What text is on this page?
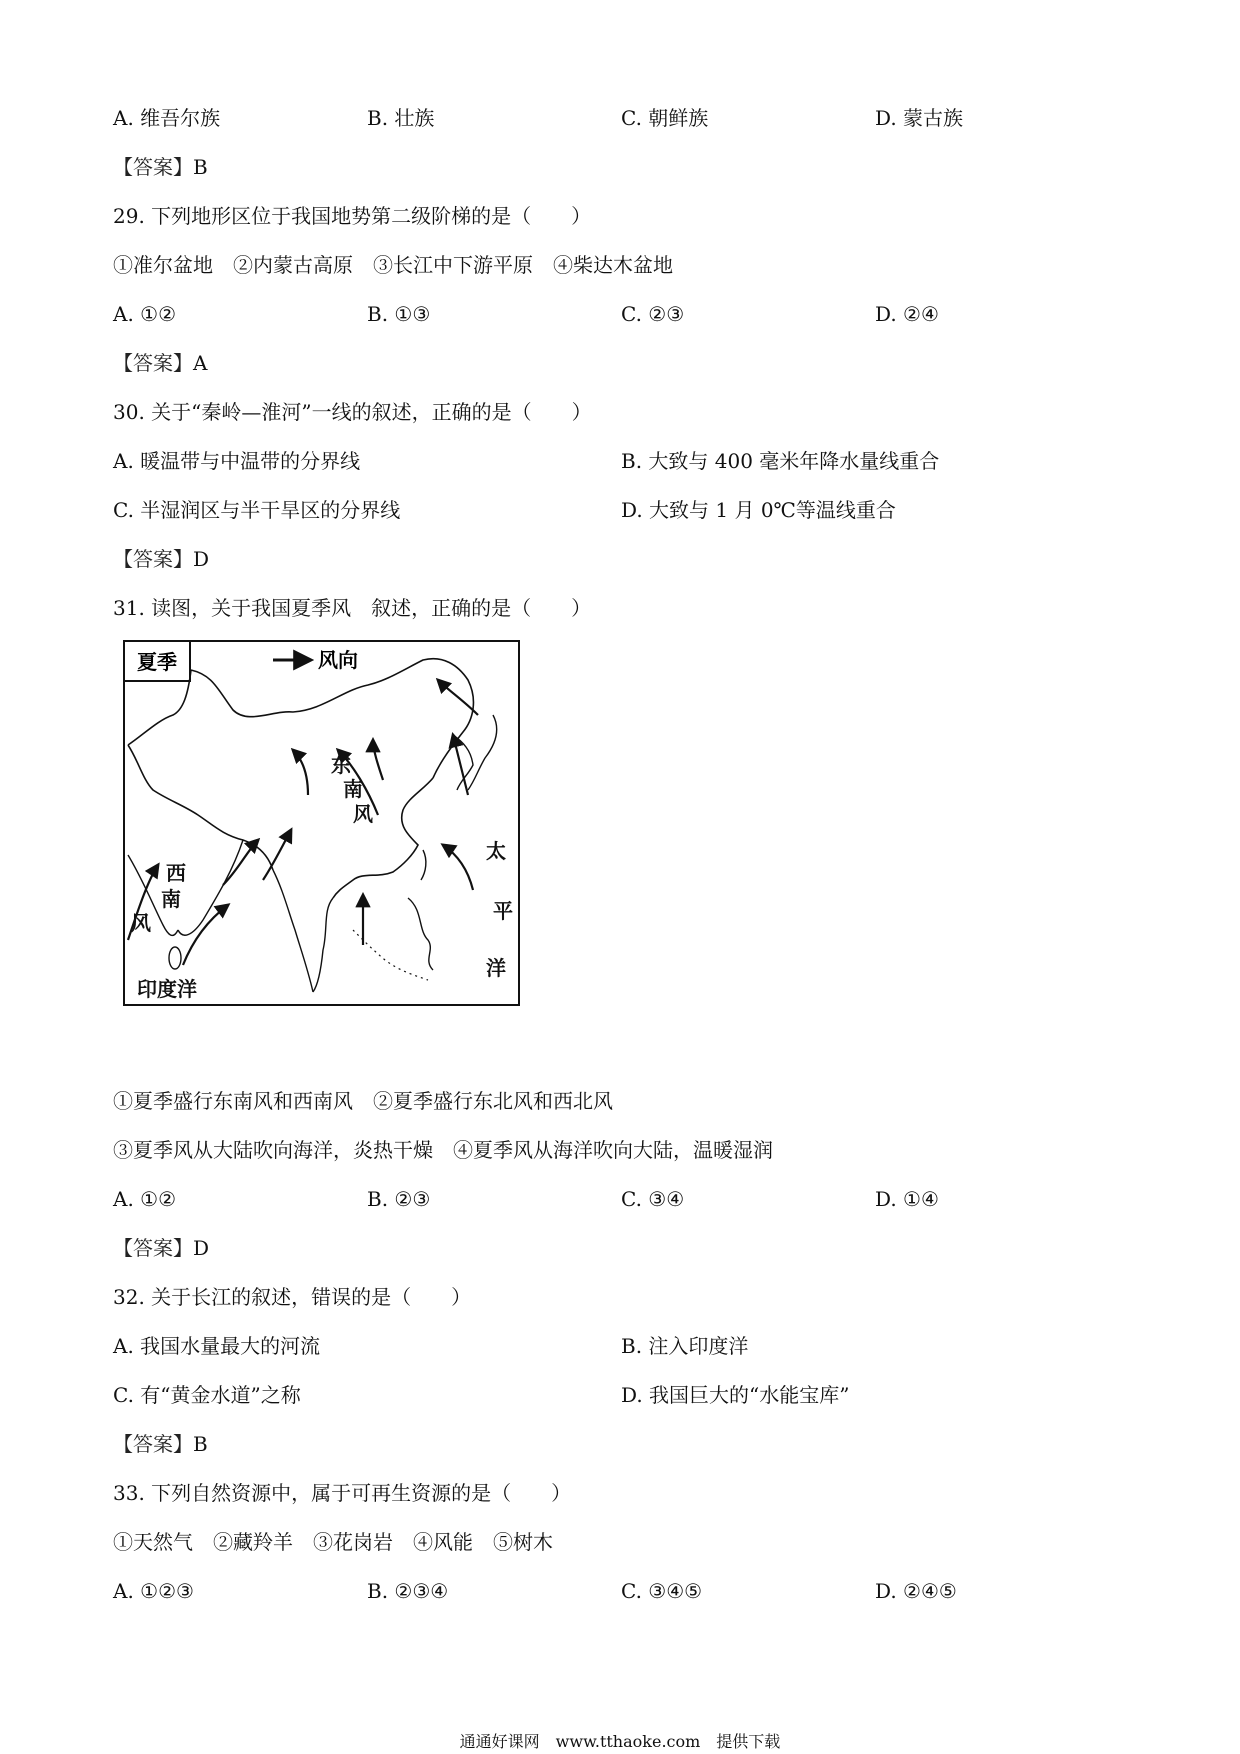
A. 维吾尔族	B. 壮族	C. 朝鲜族	D. 蒙古族
【答案】B
29. 下列地形区位于我国地势第二级阶梯的是（　　）
①准尔盆地　②内蒙古高原　③长江中下游平原　④柴达木盆地
A. ①②	B. ①③	C. ②③	D. ②④
【答案】A
30. 关于“秦岭—淮河”一线的叙述，正确的是（　　）
A. 暖温带与中温带的分界线	B. 大致与 400 毫米年降水量线重合
C. 半湿润区与半干旱区的分界线	D. 大致与 1 月 0℃等温线重合
【答案】D
31. 读图，关于我国夏季风　叙述，正确的是（　　）
夏季	风向
东
南
风
西
南
风
太
平
洋
印度洋
①夏季盛行东南风和西南风　②夏季盛行东北风和西北风
③夏季风从大陆吹向海洋，炎热干燥　④夏季风从海洋吹向大陆，温暖湿润
A. ①②	B. ②③	C. ③④	D. ①④
【答案】D
32. 关于长江的叙述，错误的是（　　）
A. 我国水量最大的河流	B. 注入印度洋
C. 有“黄金水道”之称	D. 我国巨大的“水能宝库”
【答案】B
33. 下列自然资源中，属于可再生资源的是（　　）
①天然气　②藏羚羊　③花岗岩　④风能　⑤树木
A. ①②③	B. ②③④	C. ③④⑤	D. ②④⑤
通通好课网　www.tthaoke.com　提供下载
